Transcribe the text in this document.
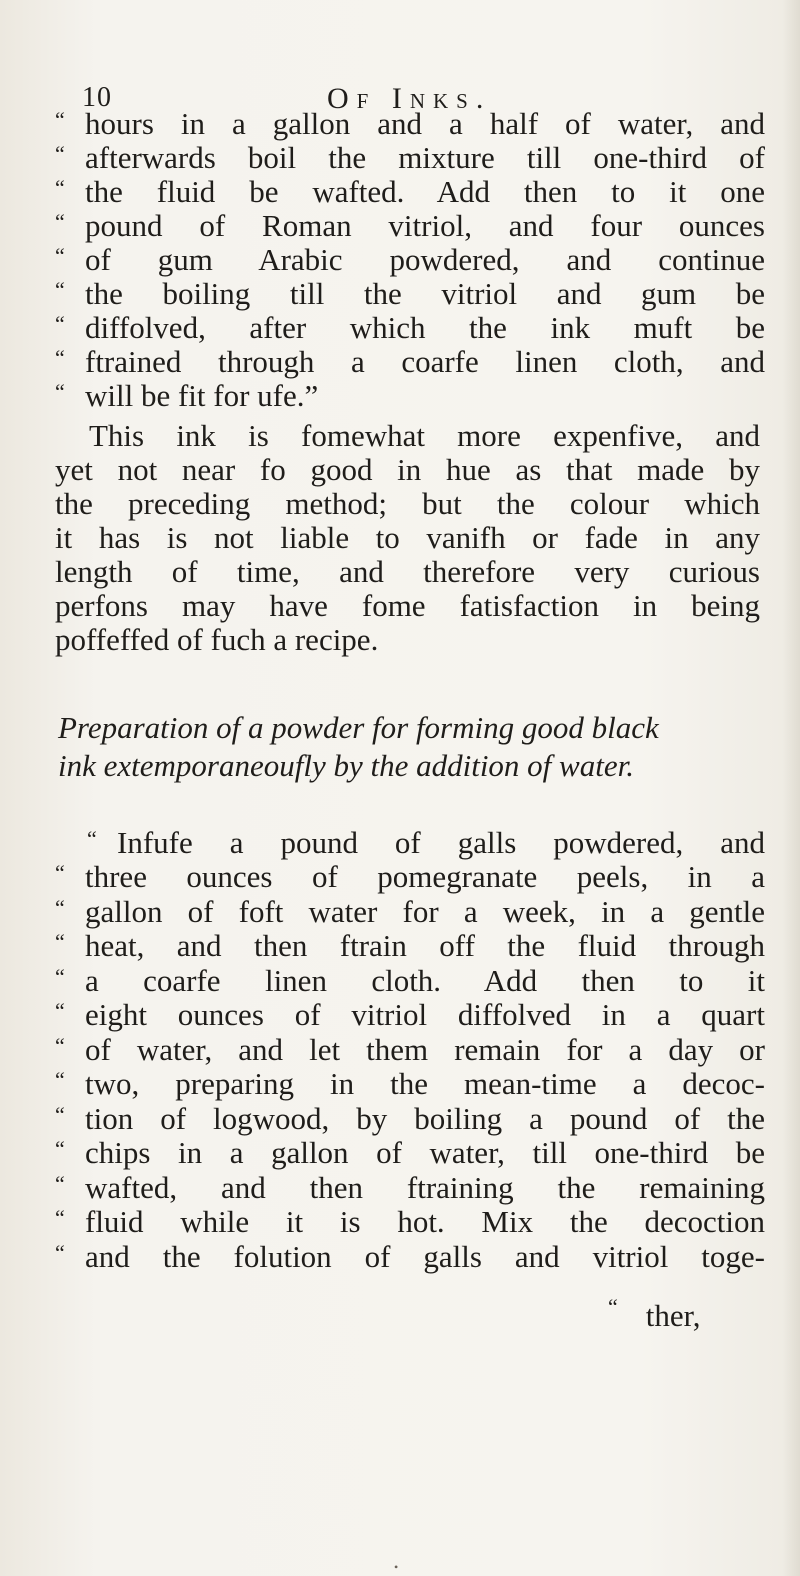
10	Of Inks.
“ hours in a gallon and a half of water, and
“ afterwards boil the mixture till one-third of
“ the fluid be wafted. Add then to it one
“ pound of Roman vitriol, and four ounces
“ of gum Arabic powdered, and continue
“ the boiling till the vitriol and gum be
“ diffolved, after which the ink muft be
“ ftrained through a coarfe linen cloth, and
“ will be fit for ufe.”
This ink is fomewhat more expenfive, and
yet not near fo good in hue as that made by
the preceding method; but the colour which
it has is not liable to vanifh or fade in any
length of time, and therefore very curious
perfons may have fome fatisfaction in being
poffeffed of fuch a recipe.
Preparation of a powder for forming good black
ink extemporaneoufly by the addition of water.
“ Infufe a pound of galls powdered, and
“ three ounces of pomegranate peels, in a
“ gallon of foft water for a week, in a gentle
“ heat, and then ftrain off the fluid through
“ a coarfe linen cloth. Add then to it
“ eight ounces of vitriol diffolved in a quart
“ of water, and let them remain for a day or
“ two, preparing in the mean-time a decoc-
“ tion of logwood, by boiling a pound of the
“ chips in a gallon of water, till one-third be
“ wafted, and then ftraining the remaining
“ fluid while it is hot. Mix the decoction
“ and the folution of galls and vitriol toge-
“ ther,
•
